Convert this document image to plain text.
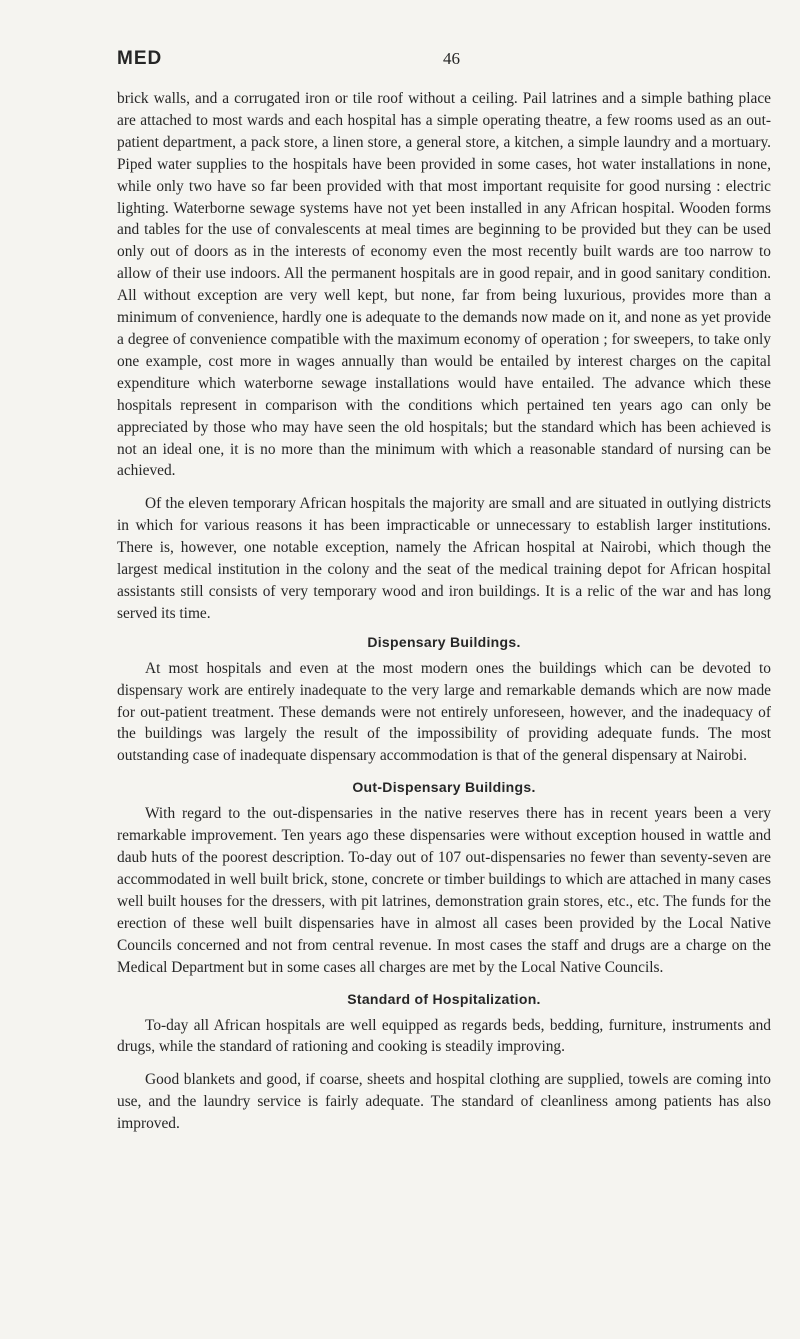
MED	46

brick walls, and a corrugated iron or tile roof without a ceiling. Pail latrines and a simple bathing place are attached to most wards and each hospital has a simple operating theatre, a few rooms used as an out-patient department, a pack store, a linen store, a general store, a kitchen, a simple laundry and a mortuary. Piped water supplies to the hospitals have been provided in some cases, hot water installations in none, while only two have so far been provided with that most important requisite for good nursing : electric lighting. Waterborne sewage systems have not yet been installed in any African hospital. Wooden forms and tables for the use of convalescents at meal times are beginning to be provided but they can be used only out of doors as in the interests of economy even the most recently built wards are too narrow to allow of their use indoors. All the permanent hospitals are in good repair, and in good sanitary condition. All without exception are very well kept, but none, far from being luxurious, provides more than a minimum of convenience, hardly one is adequate to the demands now made on it, and none as yet provide a degree of convenience compatible with the maximum economy of operation ; for sweepers, to take only one example, cost more in wages annually than would be entailed by interest charges on the capital expenditure which waterborne sewage installations would have entailed. The advance which these hospitals represent in comparison with the conditions which pertained ten years ago can only be appreciated by those who may have seen the old hospitals; but the standard which has been achieved is not an ideal one, it is no more than the minimum with which a reasonable standard of nursing can be achieved.

Of the eleven temporary African hospitals the majority are small and are situated in outlying districts in which for various reasons it has been impracticable or unnecessary to establish larger institutions. There is, however, one notable exception, namely the African hospital at Nairobi, which though the largest medical institution in the colony and the seat of the medical training depot for African hospital assistants still consists of very temporary wood and iron buildings. It is a relic of the war and has long served its time.

Dispensary Buildings.

At most hospitals and even at the most modern ones the buildings which can be devoted to dispensary work are entirely inadequate to the very large and remarkable demands which are now made for out-patient treatment. These demands were not entirely unforeseen, however, and the inadequacy of the buildings was largely the result of the impossibility of providing adequate funds. The most outstanding case of inadequate dispensary accommodation is that of the general dispensary at Nairobi.

Out-Dispensary Buildings.

With regard to the out-dispensaries in the native reserves there has in recent years been a very remarkable improvement. Ten years ago these dispensaries were without exception housed in wattle and daub huts of the poorest description. To-day out of 107 out-dispensaries no fewer than seventy-seven are accommodated in well built brick, stone, concrete or timber buildings to which are attached in many cases well built houses for the dressers, with pit latrines, demonstration grain stores, etc., etc. The funds for the erection of these well built dispensaries have in almost all cases been provided by the Local Native Councils concerned and not from central revenue. In most cases the staff and drugs are a charge on the Medical Department but in some cases all charges are met by the Local Native Councils.

Standard of Hospitalization.

To-day all African hospitals are well equipped as regards beds, bedding, furniture, instruments and drugs, while the standard of rationing and cooking is steadily improving.

Good blankets and good, if coarse, sheets and hospital clothing are supplied, towels are coming into use, and the laundry service is fairly adequate. The standard of cleanliness among patients has also improved.
